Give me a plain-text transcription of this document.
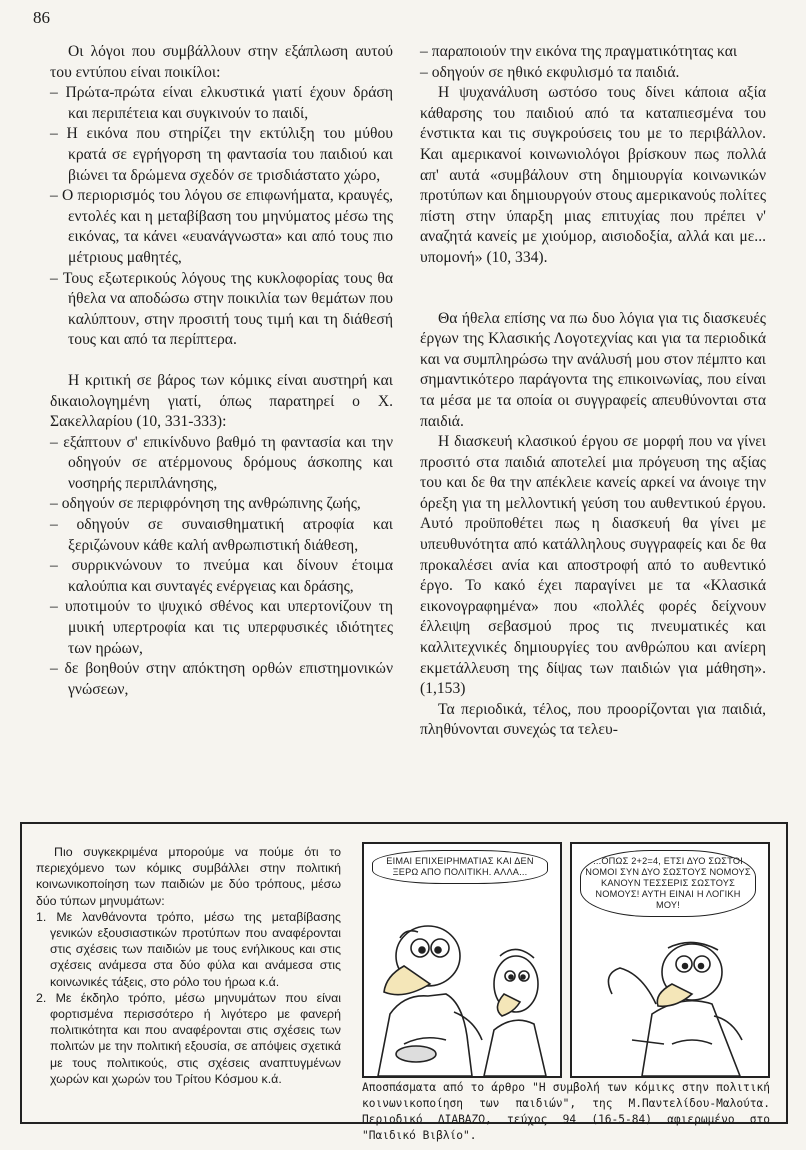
86

Οι λόγοι που συμβάλλουν στην εξάπλωση αυτού του εντύπου είναι ποικίλοι:

– Πρώτα-πρώτα είναι ελκυστικά γιατί έχουν δράση και περιπέτεια και συγκινούν το παιδί,

– Η εικόνα που στηρίζει την εκτύλιξη του μύθου κρατά σε εγρήγορση τη φαντασία του παιδιού και βιώνει τα δρώμενα σχεδόν σε τρισδιάστατο χώρο,

– Ο περιορισμός του λόγου σε επιφωνήματα, κραυγές, εντολές και η μεταβίβαση του μηνύματος μέσω της εικόνας, τα κάνει «ευανάγνωστα» και από τους πιο μέτριους μαθητές,

– Τους εξωτερικούς λόγους της κυκλοφορίας τους θα ήθελα να αποδώσω στην ποικιλία των θεμάτων που καλύπτουν, στην προσιτή τους τιμή και τη διάθεσή τους και από τα περίπτερα.

Η κριτική σε βάρος των κόμικς είναι αυστηρή και δικαιολογημένη γιατί, όπως παρατηρεί ο Χ. Σακελλαρίου (10, 331-333):

– εξάπτουν σ' επικίνδυνο βαθμό τη φαντασία και την οδηγούν σε ατέρμονους δρόμους άσκοπης και νοσηρής περιπλάνησης,

– οδηγούν σε περιφρόνηση της ανθρώπινης ζωής,

– οδηγούν σε συναισθηματική ατροφία και ξεριζώνουν κάθε καλή ανθρωπιστική διάθεση,

– συρρικνώνουν το πνεύμα και δίνουν έτοιμα καλούπια και συνταγές ενέργειας και δράσης,

– υποτιμούν το ψυχικό σθένος και υπερτονίζουν τη μυική υπερτροφία και τις υπερφυσικές ιδιότητες των ηρώων,

– δε βοηθούν στην απόκτηση ορθών επιστημονικών γνώσεων,

– παραποιούν την εικόνα της πραγματικότητας και

– οδηγούν σε ηθικό εκφυλισμό τα παιδιά.

Η ψυχανάλυση ωστόσο τους δίνει κάποια αξία κάθαρσης του παιδιού από τα καταπιεσμένα του ένστικτα και τις συγκρούσεις του με το περιβάλλον. Και αμερικανοί κοινωνιολόγοι βρίσκουν πως πολλά απ' αυτά «συμβάλουν στη δημιουργία κοινωνικών προτύπων και δημιουργούν στους αμερικανούς πολίτες πίστη στην ύπαρξη μιας επιτυχίας που πρέπει ν' αναζητά κανείς με χιούμορ, αισιοδοξία, αλλά και με... υπομονή» (10, 334).

Θα ήθελα επίσης να πω δυο λόγια για τις διασκευές έργων της Κλασικής Λογοτεχνίας και για τα περιοδικά και να συμπληρώσω την ανάλυσή μου στον πέμπτο και σημαντικότερο παράγοντα της επικοινωνίας, που είναι τα μέσα με τα οποία οι συγγραφείς απευθύνονται στα παιδιά.

Η διασκευή κλασικού έργου σε μορφή που να γίνει προσιτό στα παιδιά αποτελεί μια πρόγευση της αξίας του και δε θα την απέκλειε κανείς αρκεί να άνοιγε την όρεξη για τη μελλοντική γεύση του αυθεντικού έργου. Αυτό προϋποθέτει πως η διασκευή θα γίνει με υπευθυνότητα από κατάλληλους συγγραφείς και δε θα προκαλέσει ανία και αποστροφή από το αυθεντικό έργο. Το κακό έχει παραγίνει με τα «Κλασικά εικονογραφημένα» που «πολλές φορές δείχνουν έλλειψη σεβασμού προς τις πνευματικές και καλλιτεχνικές δημιουργίες του ανθρώπου και ανίερη εκμετάλλευση της δίψας των παιδιών για μάθηση». (1,153)

Τα περιοδικά, τέλος, που προορίζονται για παιδιά, πληθύνονται συνεχώς τα τελευ-

Πιο συγκεκριμένα μπορούμε να πούμε ότι το περιεχόμενο των κόμικς συμβάλλει στην πολιτική κοινωνικοποίηση των παιδιών με δύο τρόπους, μέσω δύο τύπων μηνυμάτων:

1. Με λανθάνοντα τρόπο, μέσω της μεταβίβασης γενικών εξουσιαστικών προτύπων που αναφέρονται στις σχέσεις των παιδιών με τους ενήλικους και στις σχέσεις ανάμεσα στα δύο φύλα και ανάμεσα στις κοινωνικές τάξεις, στο ρόλο του ήρωα κ.ά.

2. Με έκδηλο τρόπο, μέσω μηνυμάτων που είναι φορτισμένα περισσότερο ή λιγότερο με φανερή πολιτικότητα και που αναφέρονται στις σχέσεις των πολιτών με την πολιτική εξουσία, σε απόψεις σχετικά με τους πολιτικούς, στις σχέσεις αναπτυγμένων χωρών και χωρών του Τρίτου Κόσμου κ.ά.

ΕΙΜΑΙ ΕΠΙΧΕΙΡΗΜΑΤΙΑΣ ΚΑΙ ΔΕΝ ΞΕΡΩ ΑΠΟ ΠΟΛΙΤΙΚΗ. ΑΛΛΑ...
...ΟΠΩΣ 2+2=4, ΕΤΣΙ ΔΥΟ ΣΩΣΤΟΙ ΝΟΜΟΙ ΣΥΝ ΔΥΟ ΣΩΣΤΟΥΣ ΝΟΜΟΥΣ ΚΑΝΟΥΝ ΤΕΣΣΕΡΙΣ ΣΩΣΤΟΥΣ ΝΟΜΟΥΣ! ΑΥΤΗ ΕΙΝΑΙ Η ΛΟΓΙΚΗ ΜΟΥ!
Αποσπάσματα από το άρθρο "Η συμβολή των κόμικς στην πολιτική κοινωνικοποίηση των παιδιών", της Μ.Παντελίδου-Μαλούτα. Περιοδικό ΔΙΑΒΑΖΩ, τεύχος 94 (16-5-84) αφιερωμένο στο "Παιδικό Βιβλίο".
